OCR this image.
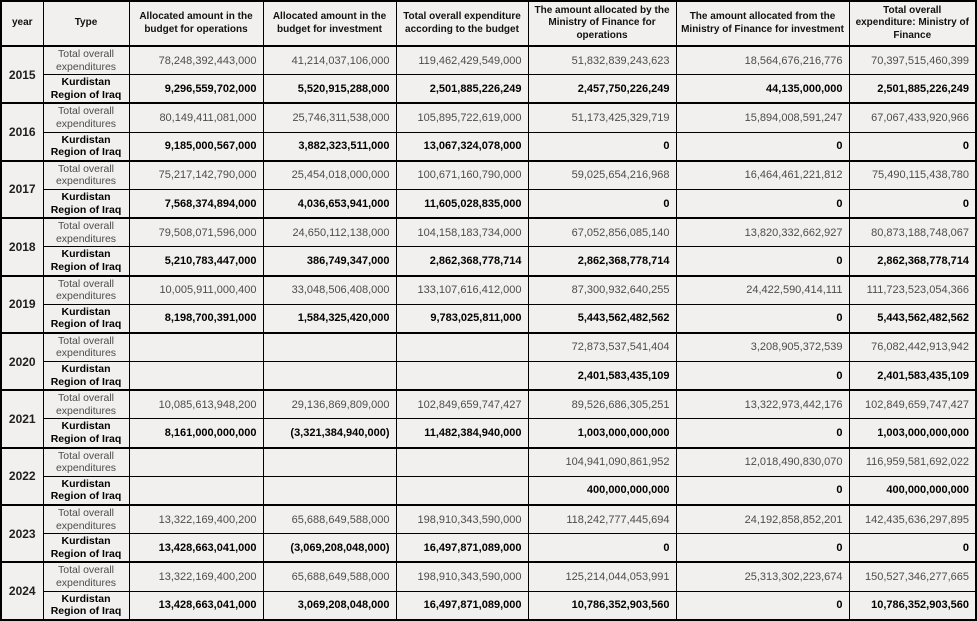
year	Type	Allocated amount in the budget for operations	Allocated amount in the budget for investment	Total overall expenditure according to the budget	The amount allocated by the Ministry of Finance for operations	The amount allocated from the Ministry of Finance for investment	Total overall expenditure: Ministry of Finance
2015	Total overall expenditures	78,248,392,443,000	41,214,037,106,000	119,462,429,549,000	51,832,839,243,623	18,564,676,216,776	70,397,515,460,399
	Kurdistan Region of Iraq	9,296,559,702,000	5,520,915,288,000	2,501,885,226,249	2,457,750,226,249	44,135,000,000	2,501,885,226,249
2016	Total overall expenditures	80,149,411,081,000	25,746,311,538,000	105,895,722,619,000	51,173,425,329,719	15,894,008,591,247	67,067,433,920,966
	Kurdistan Region of Iraq	9,185,000,567,000	3,882,323,511,000	13,067,324,078,000	0	0	0
2017	Total overall expenditures	75,217,142,790,000	25,454,018,000,000	100,671,160,790,000	59,025,654,216,968	16,464,461,221,812	75,490,115,438,780
	Kurdistan Region of Iraq	7,568,374,894,000	4,036,653,941,000	11,605,028,835,000	0	0	0
2018	Total overall expenditures	79,508,071,596,000	24,650,112,138,000	104,158,183,734,000	67,052,856,085,140	13,820,332,662,927	80,873,188,748,067
	Kurdistan Region of Iraq	5,210,783,447,000	386,749,347,000	2,862,368,778,714	2,862,368,778,714	0	2,862,368,778,714
2019	Total overall expenditures	10,005,911,000,400	33,048,506,408,000	133,107,616,412,000	87,300,932,640,255	24,422,590,414,111	111,723,523,054,366
	Kurdistan Region of Iraq	8,198,700,391,000	1,584,325,420,000	9,783,025,811,000	5,443,562,482,562	0	5,443,562,482,562
2020	Total overall expenditures				72,873,537,541,404	3,208,905,372,539	76,082,442,913,942
	Kurdistan Region of Iraq				2,401,583,435,109	0	2,401,583,435,109
2021	Total overall expenditures	10,085,613,948,200	29,136,869,809,000	102,849,659,747,427	89,526,686,305,251	13,322,973,442,176	102,849,659,747,427
	Kurdistan Region of Iraq	8,161,000,000,000	(3,321,384,940,000)	11,482,384,940,000	1,003,000,000,000	0	1,003,000,000,000
2022	Total overall expenditures				104,941,090,861,952	12,018,490,830,070	116,959,581,692,022
	Kurdistan Region of Iraq				400,000,000,000	0	400,000,000,000
2023	Total overall expenditures	13,322,169,400,200	65,688,649,588,000	198,910,343,590,000	118,242,777,445,694	24,192,858,852,201	142,435,636,297,895
	Kurdistan Region of Iraq	13,428,663,041,000	(3,069,208,048,000)	16,497,871,089,000	0	0	0
2024	Total overall expenditures	13,322,169,400,200	65,688,649,588,000	198,910,343,590,000	125,214,044,053,991	25,313,302,223,674	150,527,346,277,665
	Kurdistan Region of Iraq	13,428,663,041,000	3,069,208,048,000	16,497,871,089,000	10,786,352,903,560	0	10,786,352,903,560
